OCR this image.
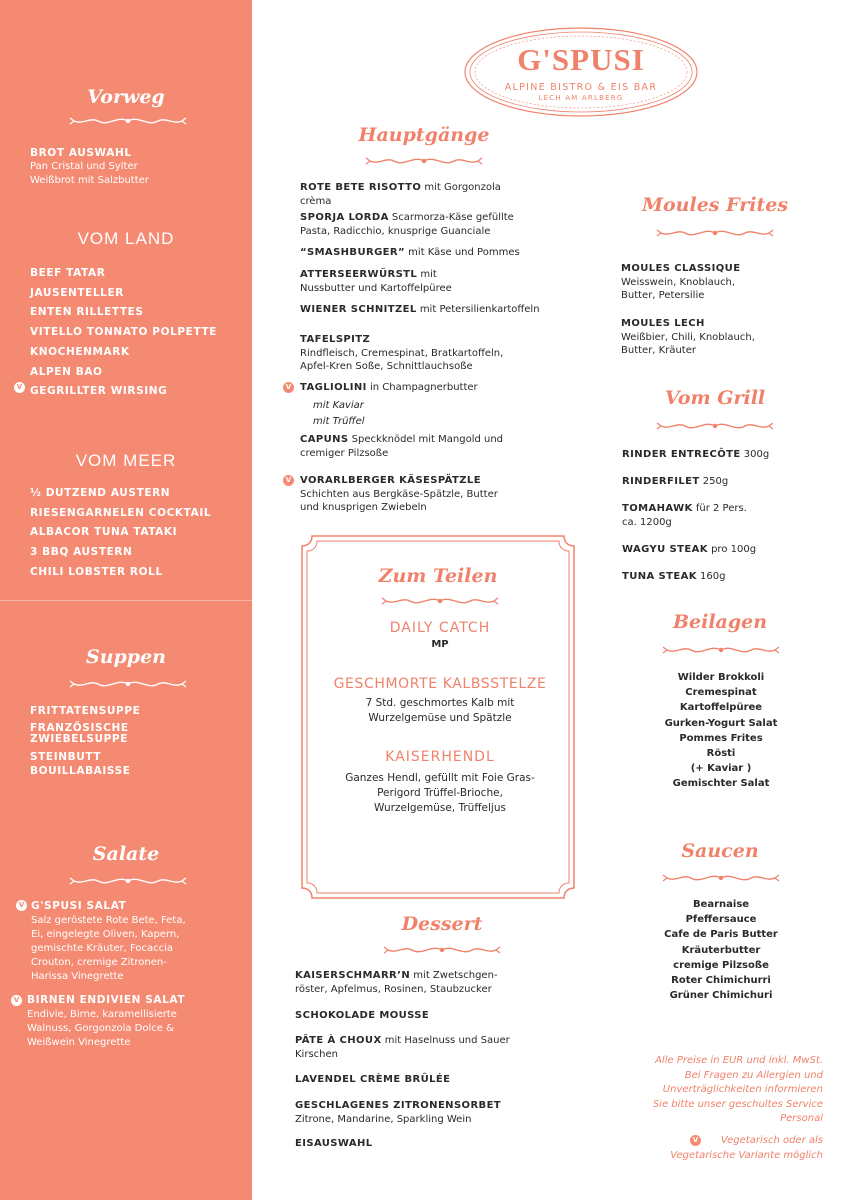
Vorweg
BROT AUSWAHL
Pan Cristal und Sylter
Weißbrot mit Salzbutter
VOM LAND
BEEF TATAR
JAUSENTELLER
ENTEN RILLETTES
VITELLO TONNATO POLPETTE
KNOCHENMARK
ALPEN BAO
GEGRILLTER WIRSING
V
VOM MEER
½ DUTZEND AUSTERN
RIESENGARNELEN COCKTAIL
ALBACOR TUNA TATAKI
3 BBQ AUSTERN
CHILI LOBSTER ROLL
Suppen
FRITTATENSUPPE
FRANZÖSISCHE
ZWIEBELSUPPE
STEINBUTT
BOUILLABAISSE
Salate
V G'SPUSI SALAT
Salz geröstete Rote Bete, Feta,
Ei, eingelegte Oliven, Kapern,
gemischte Kräuter, Focaccia
Crouton, cremige Zitronen-
Harissa Vinegrette
V BIRNEN ENDIVIEN SALAT
Endivie, Birne, karamellisierte
Walnuss, Gorgonzola Dolce &
Weißwein Vinegrette
G'SPUSI
ALPINE BISTRO & EIS BAR
LECH AM ARLBERG
Hauptgänge
ROTE BETE RISOTTO mit Gorgonzola
crèma
SPORJA LORDA Scarmorza-Käse gefüllte
Pasta, Radicchio, knusprige Guanciale
“SMASHBURGER” mit Käse und Pommes
ATTERSEERWÜRSTL mit
Nussbutter und Kartoffelpüree
WIENER SCHNITZEL mit Petersilienkartoffeln
TAFELSPITZ
Rindfleisch, Cremespinat, Bratkartoffeln,
Apfel-Kren Soße, Schnittlauchsoße
V TAGLIOLINI in Champagnerbutter
mit Kaviar
mit Trüffel
CAPUNS Speckknödel mit Mangold und
cremiger Pilzsoße
V VORARLBERGER KÄSESPÄTZLE
Schichten aus Bergkäse-Spätzle, Butter
und knusprigen Zwiebeln
Zum Teilen
DAILY CATCH
MP
GESCHMORTE KALBSSTELZE
7 Std. geschmortes Kalb mit
Wurzelgemüse und Spätzle
KAISERHENDL
Ganzes Hendl, gefüllt mit Foie Gras-
Perigord Trüffel-Brioche,
Wurzelgemüse, Trüffeljus
Dessert
KAISERSCHMARR’N mit Zwetschgen-
röster, Apfelmus, Rosinen, Staubzucker
SCHOKOLADE MOUSSE
PÂTE À CHOUX mit Haselnuss und Sauer
Kirschen
LAVENDEL CRÈME BRÛLÉE
GESCHLAGENES ZITRONENSORBET
Zitrone, Mandarine, Sparkling Wein
EISAUSWAHL
Moules Frites
MOULES CLASSIQUE
Weisswein, Knoblauch,
Butter, Petersilie
MOULES LECH
Weißbier, Chili, Knoblauch,
Butter, Kräuter
Vom Grill
RINDER ENTRECÔTE 300g
RINDERFILET 250g
TOMAHAWK für 2 Pers.
ca. 1200g
WAGYU STEAK pro 100g
TUNA STEAK 160g
Beilagen
Wilder Brokkoli
Cremespinat
Kartoffelpüree
Gurken-Yogurt Salat
Pommes Frites
Rösti
(+ Kaviar )
Gemischter Salat
Saucen
Bearnaise
Pfeffersauce
Cafe de Paris Butter
Kräuterbutter
cremige Pilzsoße
Roter Chimichurri
Grüner Chimichuri
Alle Preise in EUR und inkl. MwSt.
Bei Fragen zu Allergien und
Unverträglichkeiten informieren
Sie bitte unser geschultes Service
Personal
V	Vegetarisch oder als
Vegetarische Variante möglich
